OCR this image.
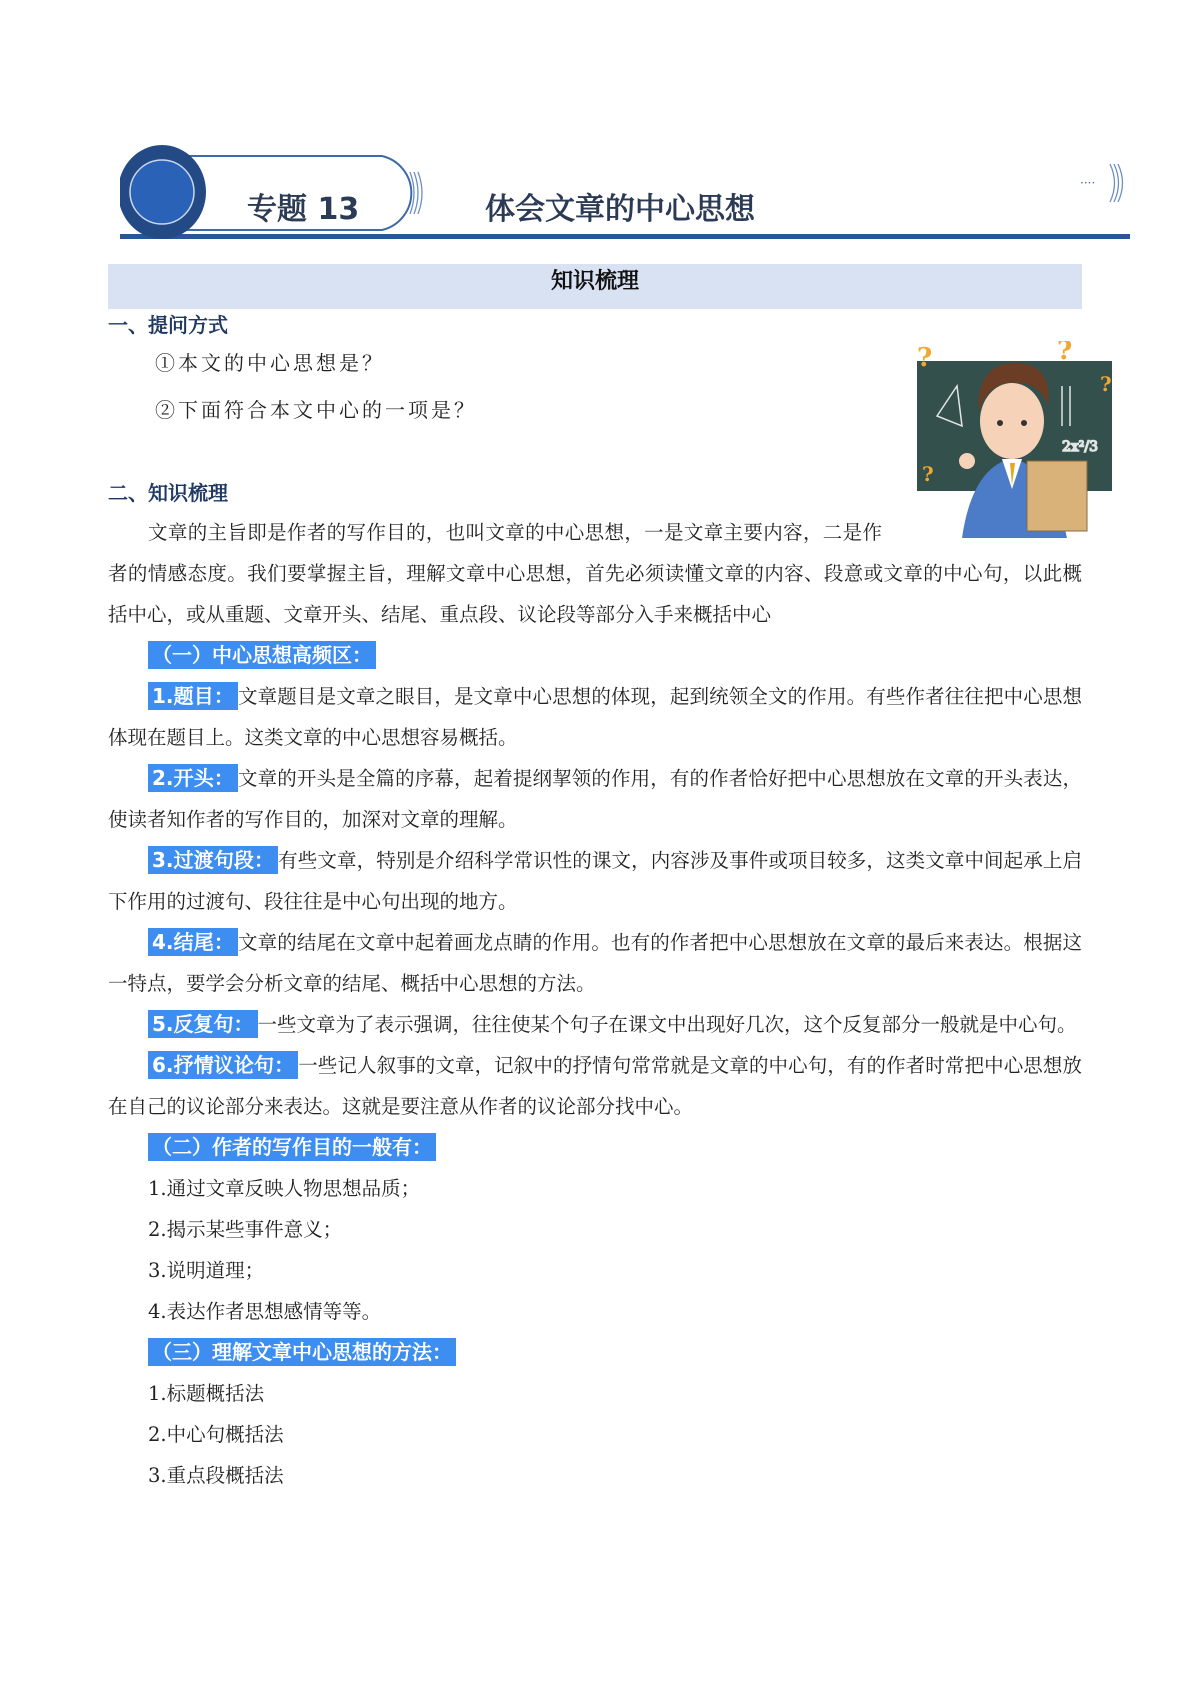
····
专题 13	体会文章的中心思想
知识梳理
2x²/3
?	?
?
?
一、提问方式
①本文的中心思想是？
②下面符合本文中心的一项是？
二、知识梳理

文章的主旨即是作者的写作目的，也叫文章的中心思想，一是文章主要内容，二是作者的情感态度。我们要掌握主旨，理解文章中心思想，首先必须读懂文章的内容、段意或文章的中心句，以此概括中心，或从重题、文章开头、结尾、重点段、议论段等部分入手来概括中心

（一）中心思想高频区：

1.题目： 文章题目是文章之眼目，是文章中心思想的体现，起到统领全文的作用。有些作者往往把中心思想体现在题目上。这类文章的中心思想容易概括。

2.开头： 文章的开头是全篇的序幕，起着提纲挈领的作用，有的作者恰好把中心思想放在文章的开头表达，使读者知作者的写作目的，加深对文章的理解。

3.过渡句段： 有些文章，特别是介绍科学常识性的课文，内容涉及事件或项目较多，这类文章中间起承上启下作用的过渡句、段往往是中心句出现的地方。

4.结尾： 文章的结尾在文章中起着画龙点睛的作用。也有的作者把中心思想放在文章的最后来表达。根据这一特点，要学会分析文章的结尾、概括中心思想的方法。

5.反复句： 一些文章为了表示强调，往往使某个句子在课文中出现好几次，这个反复部分一般就是中心句。

6.抒情议论句： 一些记人叙事的文章，记叙中的抒情句常常就是文章的中心句，有的作者时常把中心思想放在自己的议论部分来表达。这就是要注意从作者的议论部分找中心。

（二）作者的写作目的一般有：
1.通过文章反映人物思想品质；
2.揭示某些事件意义；
3.说明道理；
4.表达作者思想感情等等。
（三）理解文章中心思想的方法：
1.标题概括法
2.中心句概括法
3.重点段概括法
